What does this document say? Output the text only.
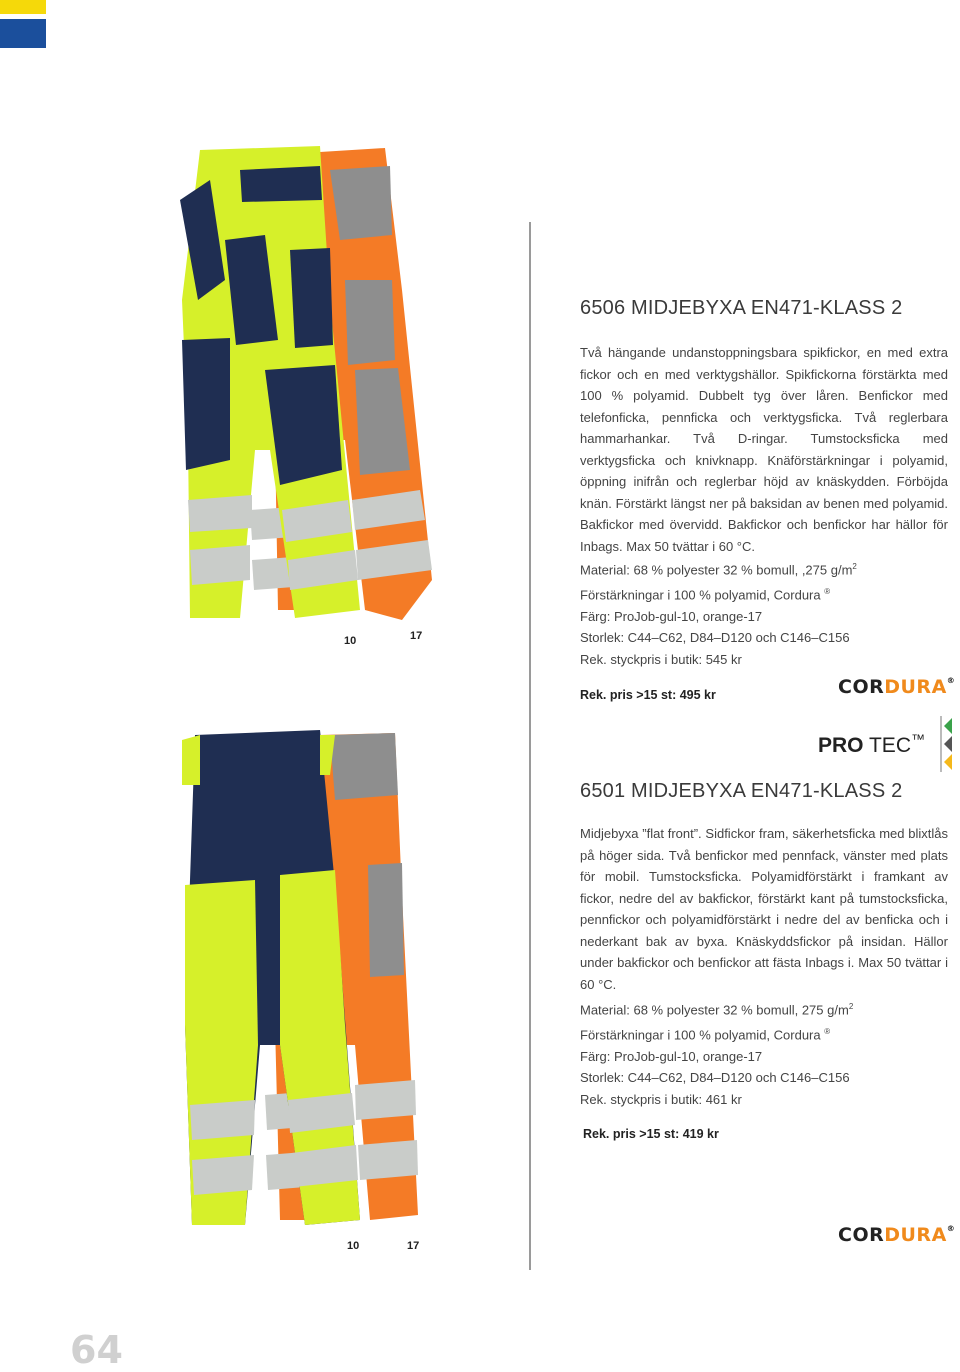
10	17
6506 MIDJEBYXA EN471-KLASS 2
Två hängande undanstoppningsbara spikfickor, en med extra fickor och en med verktygshällor. Spikfickorna förstärkta med 100 % polyamid. Dubbelt tyg över låren. Benfickor med telefonficka, pennficka och verktygsficka. Två reglerbara hammarhankar. Två D-ringar. Tumstocksficka med verktygsficka och knivknapp. Knäförstärkningar i polyamid, öppning inifrån och reglerbar höjd av knäskydden. Förböjda knän. Förstärkt längst ner på baksidan av benen med polyamid. Bakfickor med övervidd. Bakfickor och benfickor har hällor för Inbags. Max 50 tvättar i 60 °C.
Material: 68 % polyester 32 % bomull, ,275 $g/m^2$
Förstärkningar i 100 % polyamid, Cordura ®
Färg: ProJob-gul-10, orange-17
Storlek: C44–C62, D84–D120 och C146–C156
Rek. styckpris i butik: 545 kr
Rek. pris >15 st: 495 kr	CORDURA®
PRO TEC™
10	17
6501 MIDJEBYXA EN471-KLASS 2
Midjebyxa ”flat front”. Sidfickor fram, säkerhetsficka med blixtlås på höger sida. Två benfickor med pennfack, vänster med plats för mobil. Tumstocksficka. Polyamidförstärkt i framkant av fickor, nedre del av bakfickor, förstärkt kant på tumstocksficka, pennfickor och polyamidförstärkt i nedre del av benficka och i nederkant bak av byxa. Knäskyddsfickor på insidan. Hällor under bakfickor och benfickor att fästa Inbags i. Max 50 tvättar i 60 °C.
Material: 68 % polyester 32 % bomull, 275 $g/m^2$
Förstärkningar i 100 % polyamid, Cordura ®
Färg: ProJob-gul-10, orange-17
Storlek: C44–C62, D84–D120 och C146–C156
Rek. styckpris i butik: 461 kr
Rek. pris >15 st: 419 kr
CORDURA®
64
